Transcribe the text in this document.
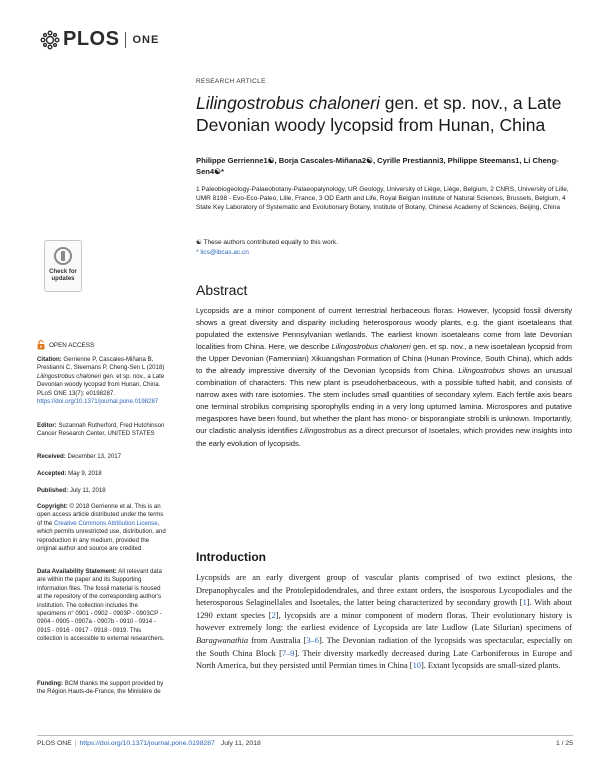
PLOS ONE
RESEARCH ARTICLE
Lilingostrobus chaloneri gen. et sp. nov., a Late Devonian woody lycopsid from Hunan, China
Philippe Gerrienne1☯, Borja Cascales-Miñana2☯, Cyrille Prestianni3, Philippe Steemans1, Li Cheng-Sen4☯*
1 Paleobiogeology-Palaeobotany-Palaeopalynology, UR Geology, University of Liège, Liège, Belgium, 2 CNRS, University of Lille, UMR 8198 - Evo-Eco-Paleo, Lille, France, 3 OD Earth and Life, Royal Belgian Institute of Natural Sciences, Brussels, Belgium, 4 State Key Laboratory of Systematic and Evolutionary Botany, Institute of Botany, Chinese Academy of Sciences, Beijing, China
☯ These authors contributed equally to this work.
* lics@ibcas.ac.cn
Check for updates
OPEN ACCESS

Citation: Gerrienne P, Cascales-Miñana B, Prestianni C, Steemans P, Cheng-Sen L (2018) Lilingostrobus chaloneri gen. et sp. nov., a Late Devonian woody lycopsid from Hunan, China. PLoS ONE 13(7): e0198287. https://doi.org/10.1371/journal.pone.0198287

Editor: Suzannah Rutherford, Fred Hutchinson Cancer Research Center, UNITED STATES

Received: December 13, 2017

Accepted: May 9, 2018

Published: July 11, 2018

Copyright: © 2018 Gerrienne et al. This is an open access article distributed under the terms of the Creative Commons Attribution License, which permits unrestricted use, distribution, and reproduction in any medium, provided the original author and source are credited.

Data Availability Statement: All relevant data are within the paper and its Supporting Information files. The fossil material is housed at the repository of the corresponding author's institution. The collection includes the specimens n° 0901 - 0902 - 0903P - 0903CP - 0904 - 0905 - 0907a - 0907b - 0910 - 0914 - 0915 - 0916 - 0917 - 0918 - 0919. This collection is accessible to external researchers.

Funding: BCM thanks the support provided by the Région Hauts-de-France, the Ministère de

Abstract
Lycopsids are a minor component of current terrestrial herbaceous floras. However, lycopsid fossil diversity shows a great diversity and disparity including heterosporous woody plants, e.g. the giant isoetaleans that populated the extensive Pennsylvanian wetlands. The earliest known isoetaleans come from late Devonian localities from China. Here, we describe Lilingostrobus chaloneri gen. et sp. nov., a new isoetalean lycopsid from the Upper Devonian (Famennian) Xikuangshan Formation of China (Hunan Province, South China), which adds to the already impressive diversity of the Devonian lycopsids from China. Lilingostrobus shows an unusual combination of characters. This new plant is pseudoherbaceous, with a possible tufted habit, and consists of narrow axes with rare isotomies. The stem includes small quantities of secondary xylem. Each fertile axis bears one terminal strobilus comprising sporophylls ending in a very long upturned lamina. Microspores and putative megaspores have been found, but whether the plant has mono- or bisporangiate strobili is unknown. Importantly, our cladistic analysis identifies Lilingostrobus as a direct precursor of Isoetales, which provides new insights into the early evolution of lycopsids.
Introduction
Lycopsids are an early divergent group of vascular plants comprised of two extinct plesions, the Drepanophycales and the Protolepidodendrales, and three extant orders, the isosporous Lycopodiales and the heterosporous Selaginellales and Isoetales, the latter being characterized by secondary growth [1]. With about 1290 extant species [2], lycopsids are a minor component of modern floras. Their evolutionary history is however extremely long: the earliest evidence of Lycopsida are late Ludlow (Late Silurian) specimens of Baragwanathia from Australia [3–6]. The Devonian radiation of the lycopsids was spectacular, especially on the South China Block [7–9]. Their diversity markedly decreased during Late Carboniferous in Europe and North America, but they persisted until Permian times in China [10]. Extant lycopsids are small-sized plants.
PLOS ONE | https://doi.org/10.1371/journal.pone.0198287 July 11, 2018	1 / 25
